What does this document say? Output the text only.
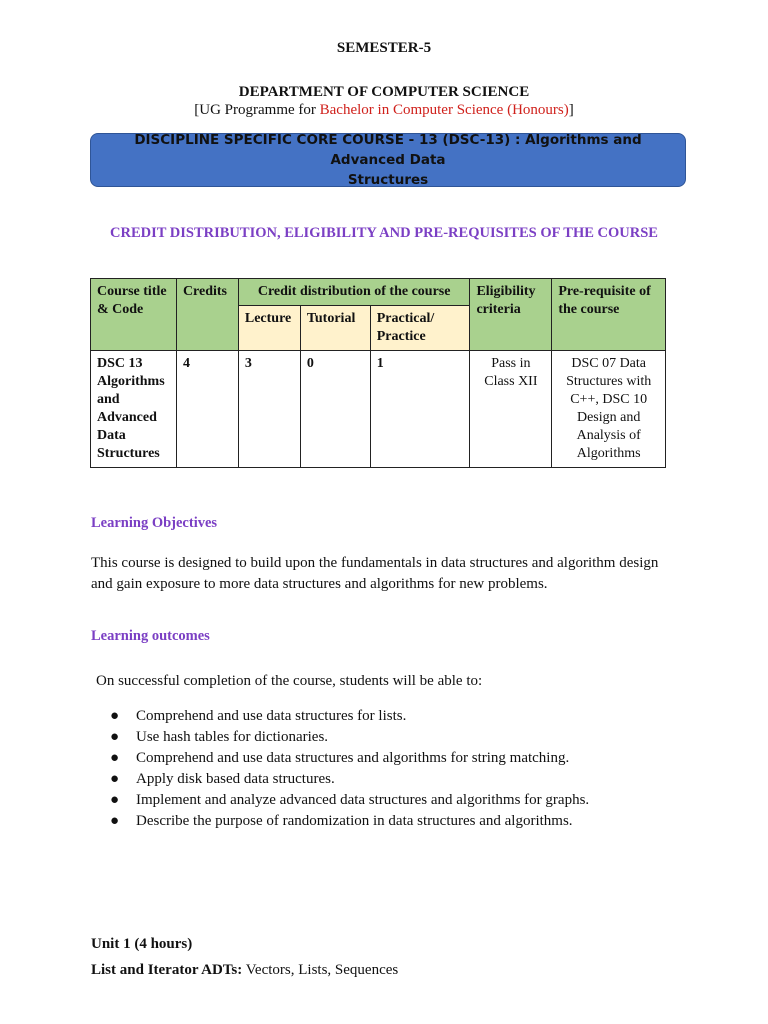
SEMESTER-5
DEPARTMENT OF COMPUTER SCIENCE
[UG Programme for Bachelor in Computer Science (Honours)]
DISCIPLINE SPECIFIC CORE COURSE - 13 (DSC-13) : Algorithms and Advanced Data
Structures
CREDIT DISTRIBUTION, ELIGIBILITY AND PRE-REQUISITES OF THE COURSE
Course title & Code	Credits	Credit distribution of the course			Eligibility criteria	Pre-requisite of the course
		Lecture	Tutorial	Practical/ Practice		
DSC 13 Algorithms and Advanced Data Structures	4	3	0	1	Pass in Class XII	DSC 07 Data Structures with C++, DSC 10 Design and Analysis of Algorithms
Learning Objectives
This course is designed to build upon the fundamentals in data structures and algorithm design and gain exposure to more data structures and algorithms for new problems.
Learning outcomes
On successful completion of the course, students will be able to:
● Comprehend and use data structures for lists.
● Use hash tables for dictionaries.
● Comprehend and use data structures and algorithms for string matching.
● Apply disk based data structures.
● Implement and analyze advanced data structures and algorithms for graphs.
● Describe the purpose of randomization in data structures and algorithms.
Unit 1 (4 hours)
List and Iterator ADTs: Vectors, Lists, Sequences
